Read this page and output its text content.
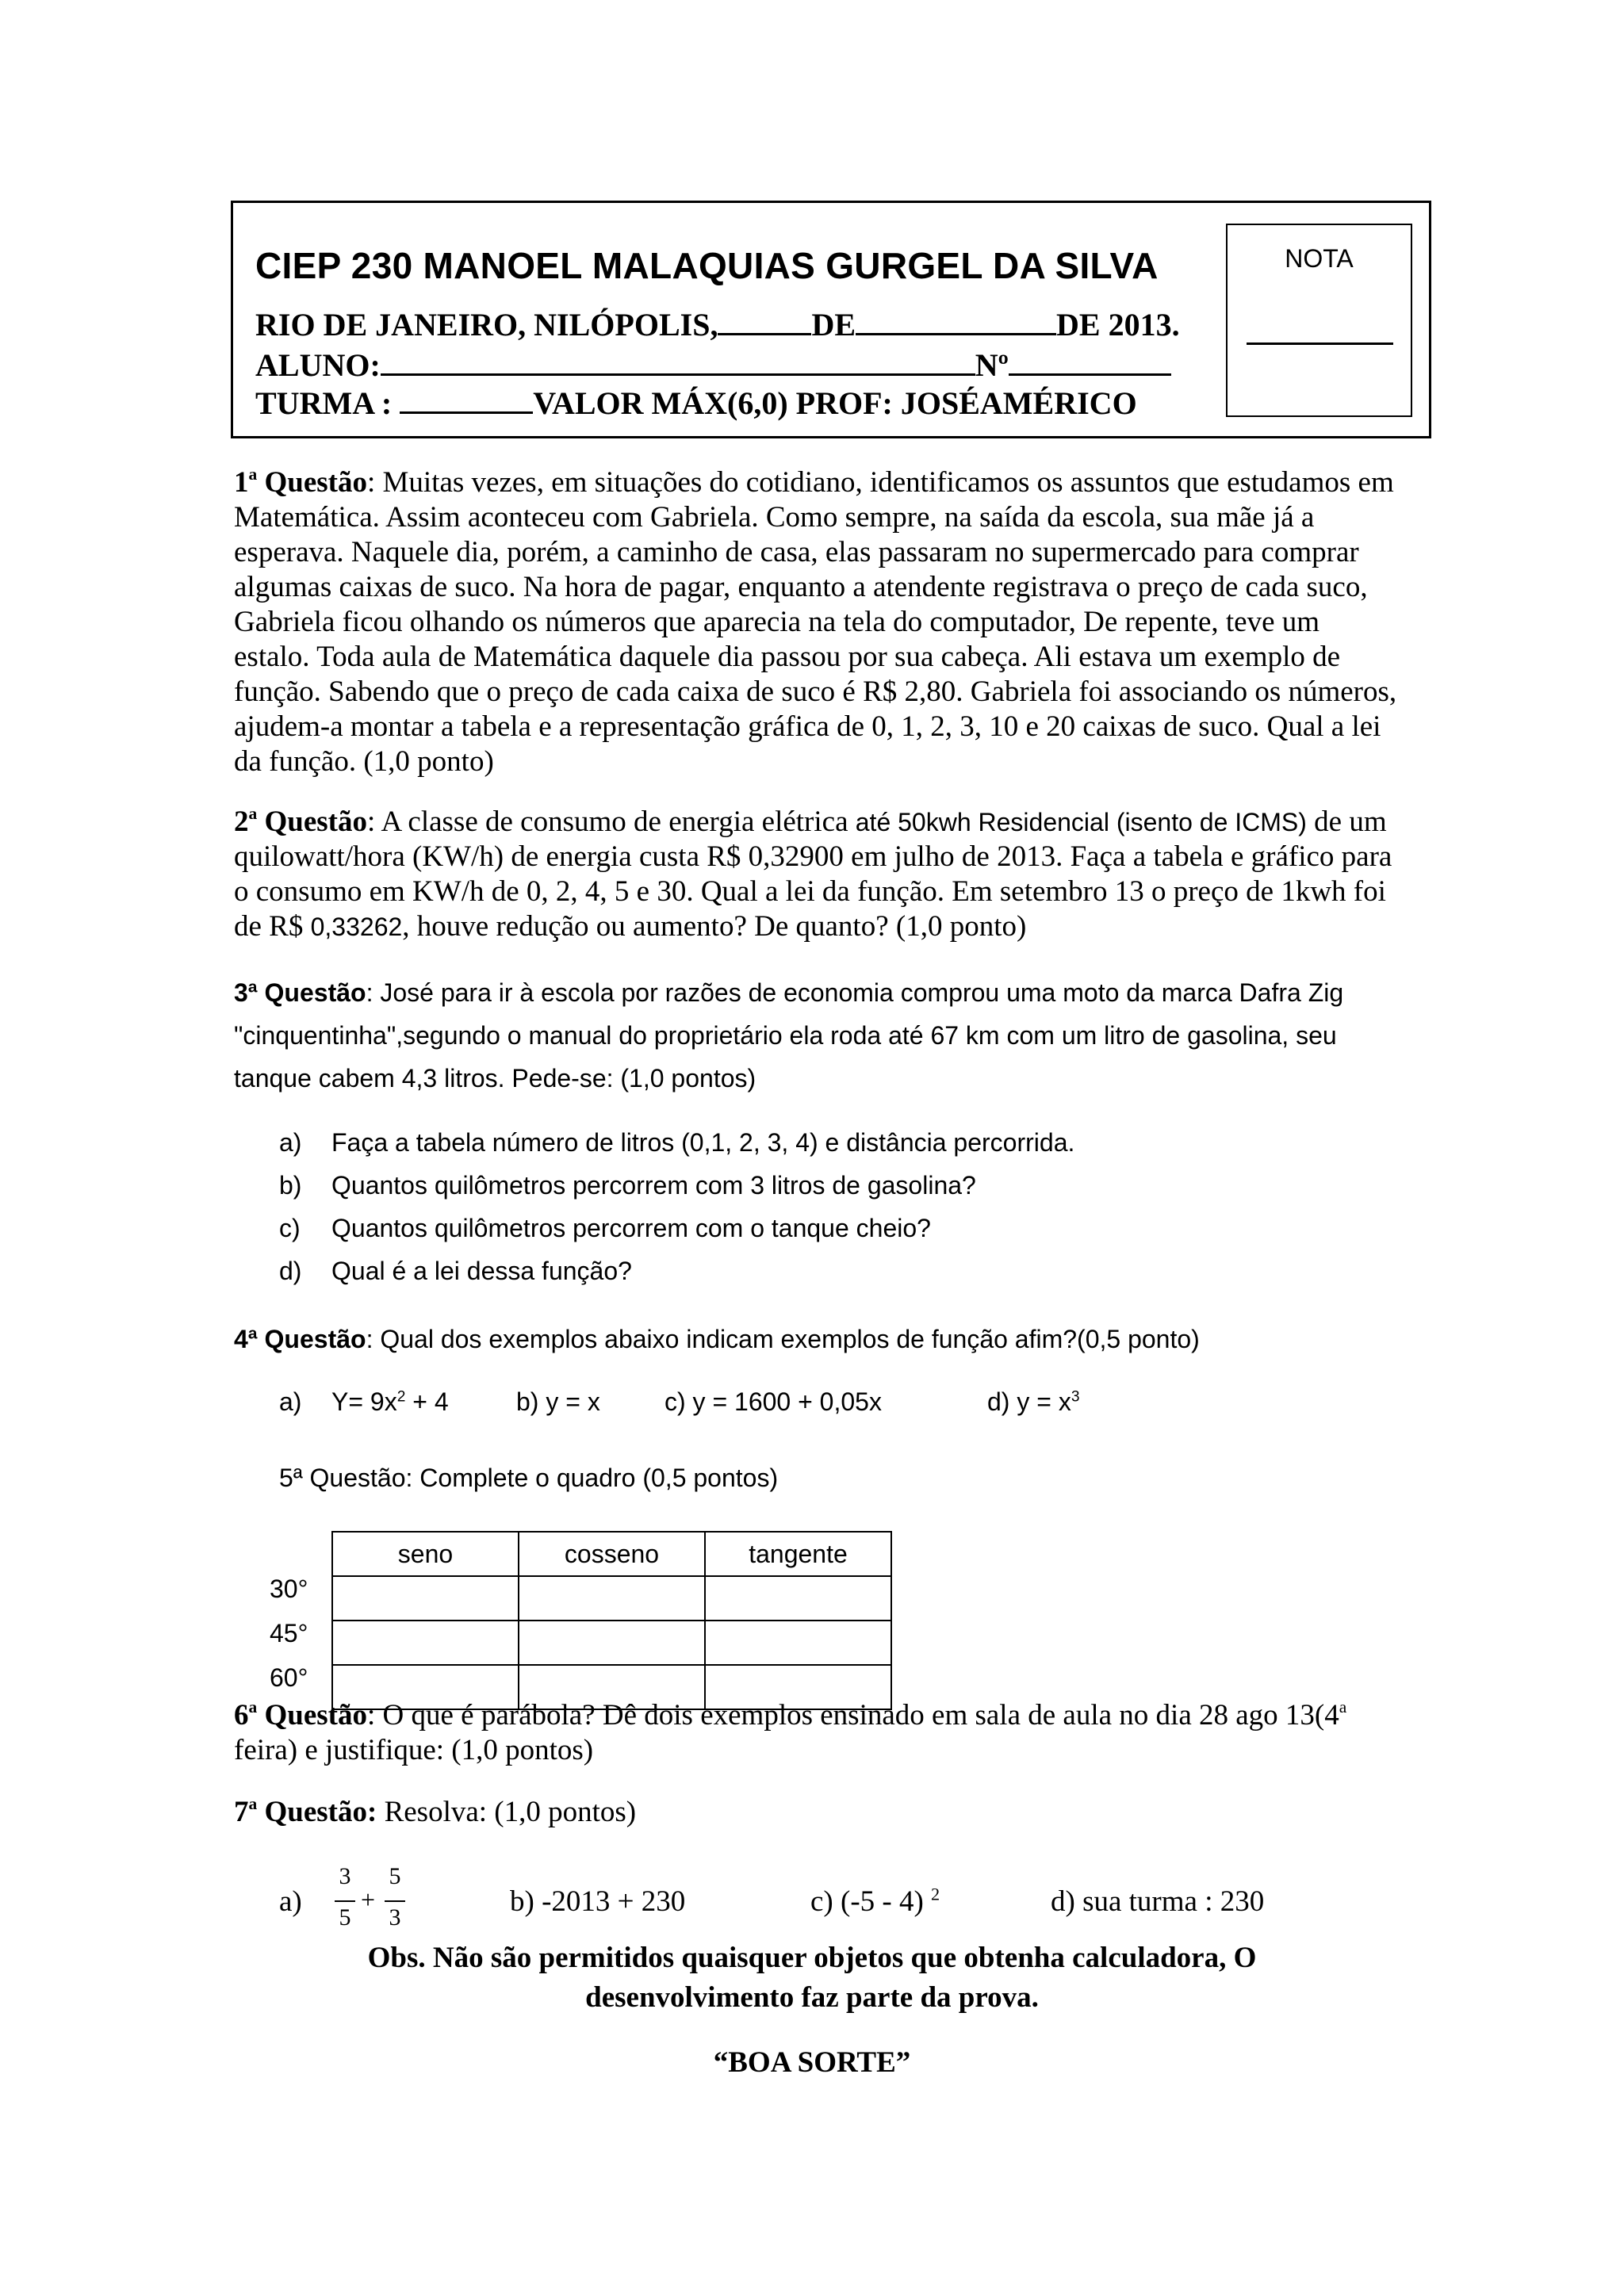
CIEP 230 MANOEL MALAQUIAS GURGEL DA SILVA
RIO DE JANEIRO, NILÓPOLIS,	DE	DE 2013.
ALUNO:	Nº
TURMA :	VALOR MÁX(6,0) PROF: JOSÉAMÉRICO
NOTA
1$^a$ Questão: Muitas vezes, em situações do cotidiano, identificamos os assuntos que estudamos em Matemática. Assim aconteceu com Gabriela. Como sempre, na saída da escola, sua mãe já a esperava. Naquele dia, porém, a caminho de casa, elas passaram no supermercado para comprar algumas caixas de suco. Na hora de pagar, enquanto a atendente registrava o preço de cada suco, Gabriela ficou olhando os números que aparecia na tela do computador, De repente, teve um estalo. Toda aula de Matemática daquele dia passou por sua cabeça. Ali estava um exemplo de função. Sabendo que o preço de cada caixa de suco é R$ 2,80. Gabriela foi associando os números, ajudem-a montar a tabela e a representação gráfica de 0, 1, 2, 3, 10 e 20 caixas de suco. Qual a lei da função. (1,0 ponto)
2$^a$ Questão: A classe de consumo de energia elétrica até 50kwh Residencial (isento de ICMS) de um quilowatt/hora (KW/h) de energia custa R$ 0,32900 em julho de 2013. Faça a tabela e gráfico para o consumo em KW/h de 0, 2, 4, 5 e 30. Qual a lei da função. Em setembro 13 o preço de 1kwh foi de R$ 0,33262, houve redução ou aumento? De quanto? (1,0 ponto)
3ª Questão: José para ir à escola por razões de economia comprou uma moto da marca Dafra Zig "cinquentinha",segundo o manual do proprietário ela roda até 67 km com um litro de gasolina, seu tanque cabem 4,3 litros. Pede-se: (1,0 pontos)
a) Faça a tabela número de litros (0,1, 2, 3, 4) e distância percorrida.
b) Quantos quilômetros percorrem com 3 litros de gasolina?
c) Quantos quilômetros percorrem com o tanque cheio?
d) Qual é a lei dessa função?
4ª Questão: Qual dos exemplos abaixo indicam exemplos de função afim?(0,5 ponto)
a) $Y= 9x^2 + 4$	b) y = x	c) y = 1600 + 0,05x	d) $y = x^3$
5ª Questão: Complete o quadro (0,5 pontos)
seno	cosseno	tangente

30°
45°
60°
6$^a$ Questão: O que é parábola? Dê dois exemplos ensinado em sala de aula no dia 28 ago 13(4$^a$ feira) e justifique: (1,0 pontos)
7$^a$ Questão: Resolva: (1,0 pontos)
a)
3
5
+
5
3	b) -2013 + 230	c) (-5 - 4) $^2$	d) sua turma : 230
Obs. Não são permitidos quaisquer objetos que obtenha calculadora, O
desenvolvimento faz parte da prova.
“BOA SORTE”
